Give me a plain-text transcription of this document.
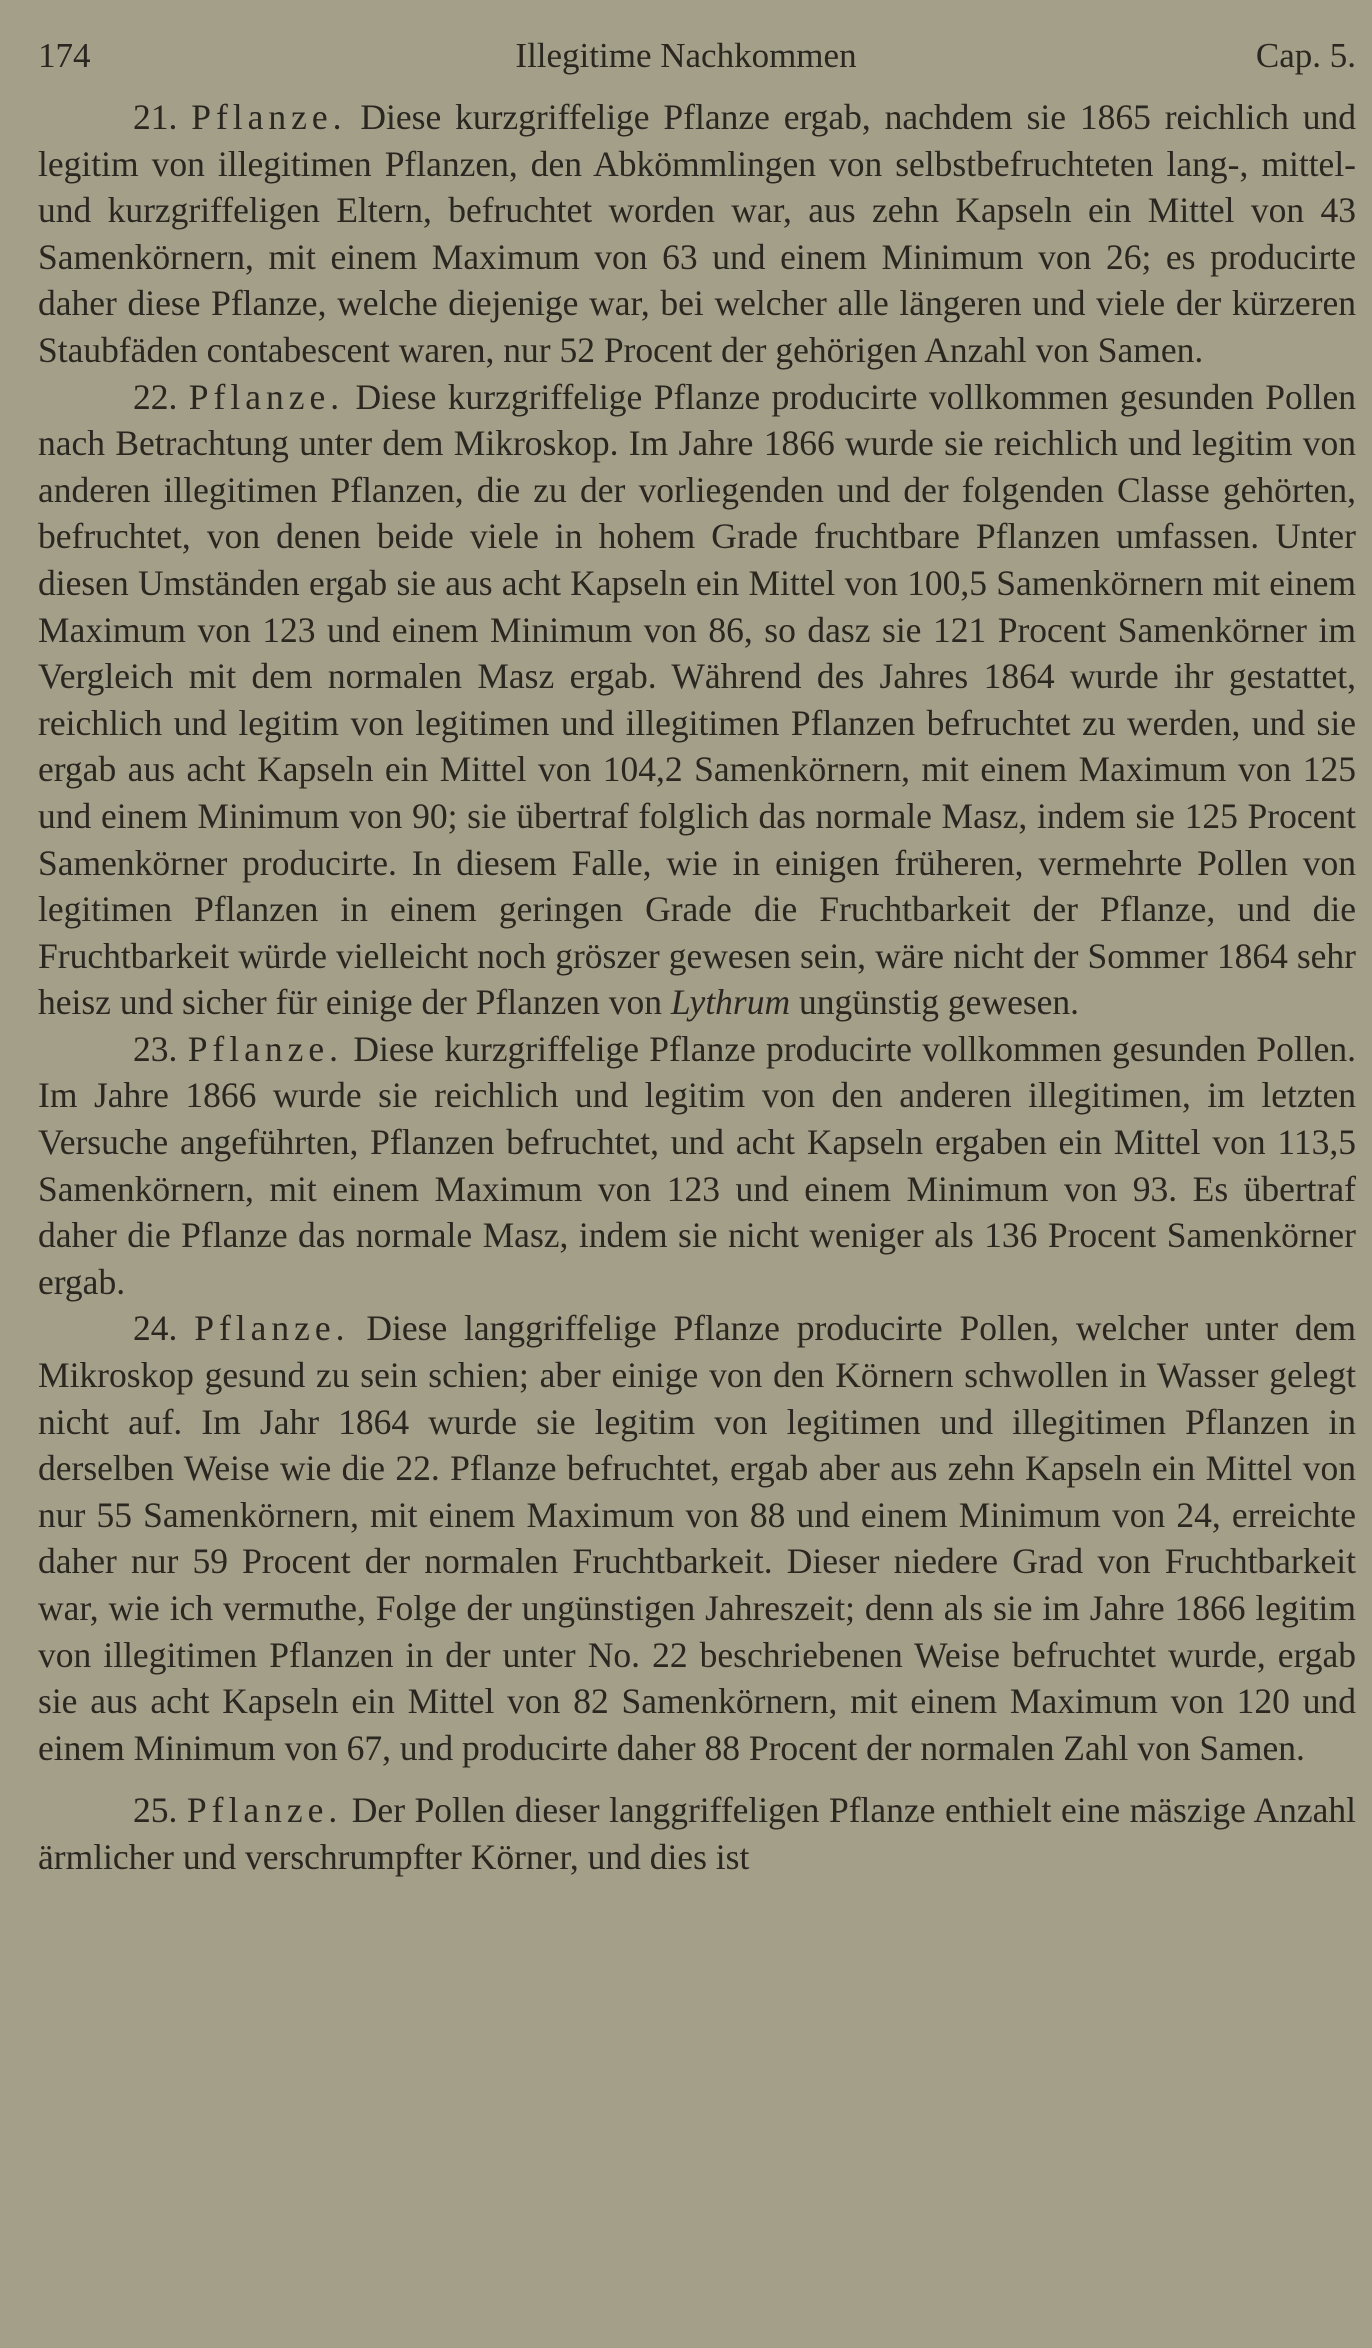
174	Illegitime Nachkommen	Cap. 5.

21. Pflanze. Diese kurzgriffelige Pflanze ergab, nachdem sie 1865 reichlich und legitim von illegitimen Pflanzen, den Abkömmlingen von selbstbefruchteten lang-, mittel- und kurzgriffeligen Eltern, befruchtet worden war, aus zehn Kapseln ein Mittel von 43 Samenkörnern, mit einem Maximum von 63 und einem Minimum von 26; es producirte daher diese Pflanze, welche diejenige war, bei welcher alle längeren und viele der kürzeren Staubfäden contabescent waren, nur 52 Procent der gehörigen Anzahl von Samen.

22. Pflanze. Diese kurzgriffelige Pflanze producirte vollkommen gesunden Pollen nach Betrachtung unter dem Mikroskop. Im Jahre 1866 wurde sie reichlich und legitim von anderen illegitimen Pflanzen, die zu der vorliegenden und der folgenden Classe gehörten, befruchtet, von denen beide viele in hohem Grade fruchtbare Pflanzen umfassen. Unter diesen Umständen ergab sie aus acht Kapseln ein Mittel von 100,5 Samenkörnern mit einem Maximum von 123 und einem Minimum von 86, so dasz sie 121 Procent Samenkörner im Vergleich mit dem normalen Masz ergab. Während des Jahres 1864 wurde ihr gestattet, reichlich und legitim von legitimen und illegitimen Pflanzen befruchtet zu werden, und sie ergab aus acht Kapseln ein Mittel von 104,2 Samenkörnern, mit einem Maximum von 125 und einem Minimum von 90; sie übertraf folglich das normale Masz, indem sie 125 Procent Samenkörner producirte. In diesem Falle, wie in einigen früheren, vermehrte Pollen von legitimen Pflanzen in einem geringen Grade die Fruchtbarkeit der Pflanze, und die Fruchtbarkeit würde vielleicht noch gröszer gewesen sein, wäre nicht der Sommer 1864 sehr heisz und sicher für einige der Pflanzen von Lythrum ungünstig gewesen.

23. Pflanze. Diese kurzgriffelige Pflanze producirte vollkommen gesunden Pollen. Im Jahre 1866 wurde sie reichlich und legitim von den anderen illegitimen, im letzten Versuche angeführten, Pflanzen befruchtet, und acht Kapseln ergaben ein Mittel von 113,5 Samenkörnern, mit einem Maximum von 123 und einem Minimum von 93. Es übertraf daher die Pflanze das normale Masz, indem sie nicht weniger als 136 Procent Samenkörner ergab.

24. Pflanze. Diese langgriffelige Pflanze producirte Pollen, welcher unter dem Mikroskop gesund zu sein schien; aber einige von den Körnern schwollen in Wasser gelegt nicht auf. Im Jahr 1864 wurde sie legitim von legitimen und illegitimen Pflanzen in derselben Weise wie die 22. Pflanze befruchtet, ergab aber aus zehn Kapseln ein Mittel von nur 55 Samenkörnern, mit einem Maximum von 88 und einem Minimum von 24, erreichte daher nur 59 Procent der normalen Fruchtbarkeit. Dieser niedere Grad von Fruchtbarkeit war, wie ich vermuthe, Folge der ungünstigen Jahreszeit; denn als sie im Jahre 1866 legitim von illegitimen Pflanzen in der unter No. 22 beschriebenen Weise befruchtet wurde, ergab sie aus acht Kapseln ein Mittel von 82 Samenkörnern, mit einem Maximum von 120 und einem Minimum von 67, und producirte daher 88 Procent der normalen Zahl von Samen.

25. Pflanze. Der Pollen dieser langgriffeligen Pflanze enthielt eine mäszige Anzahl ärmlicher und verschrumpfter Körner, und dies ist
